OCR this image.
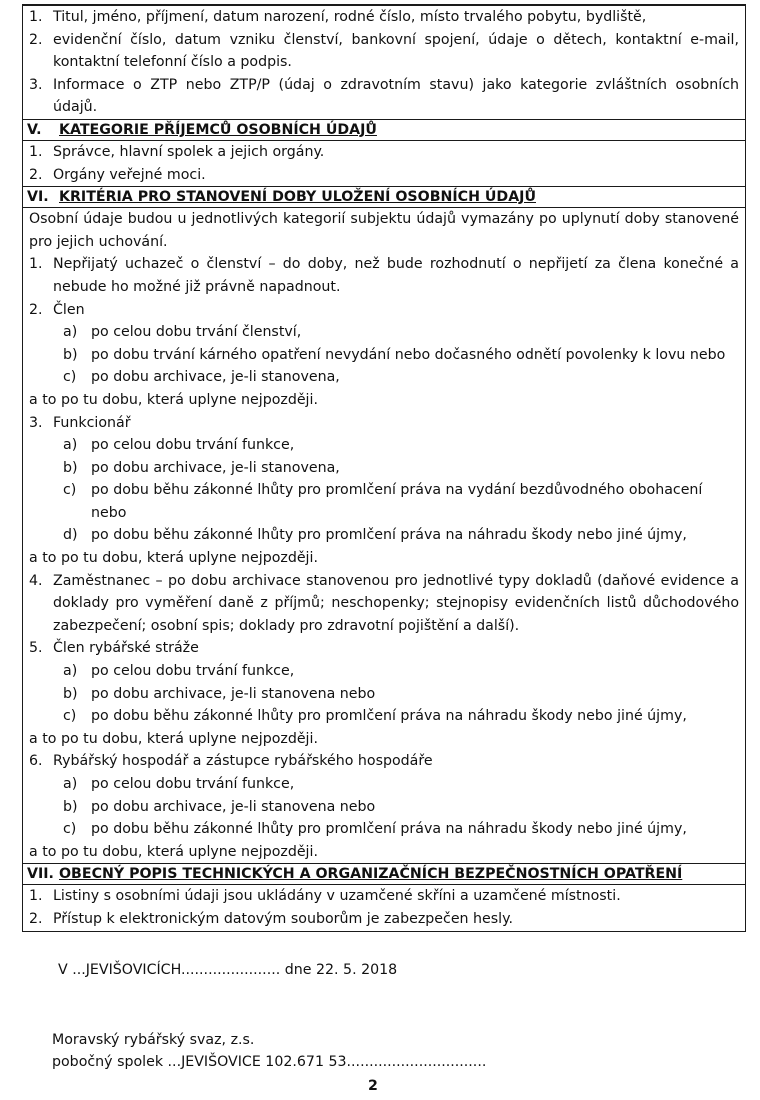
1. Titul, jméno, příjmení, datum narození, rodné číslo, místo trvalého pobytu, bydliště,
2. evidenční číslo, datum vzniku členství, bankovní spojení, údaje o dětech, kontaktní e-mail, kontaktní telefonní číslo a podpis.
3. Informace o ZTP nebo ZTP/P (údaj o zdravotním stavu) jako kategorie zvláštních osobních údajů.
V.	KATEGORIE PŘÍJEMCŮ OSOBNÍCH ÚDAJŮ
1. Správce, hlavní spolek a jejich orgány.
2. Orgány veřejné moci.
VI. KRITÉRIA PRO STANOVENÍ DOBY ULOŽENÍ OSOBNÍCH ÚDAJŮ
Osobní údaje budou u jednotlivých kategorií subjektu údajů vymazány po uplynutí doby stanovené pro jejich uchování.
1. Nepřijatý uchazeč o členství – do doby, než bude rozhodnutí o nepřijetí za člena konečné a nebude ho možné již právně napadnout.
2. Člen
a) po celou dobu trvání členství,
b) po dobu trvání kárného opatření nevydání nebo dočasného odnětí povolenky k lovu nebo
c)	po dobu archivace, je-li stanovena,
a to po tu dobu, která uplyne nejpozději.
3. Funkcionář
a) po celou dobu trvání funkce,
b) po dobu archivace, je-li stanovena,
c)	po dobu běhu zákonné lhůty pro promlčení práva na vydání bezdůvodného obohacení nebo
d) po dobu běhu zákonné lhůty pro promlčení práva na náhradu škody nebo jiné újmy,
a to po tu dobu, která uplyne nejpozději.
4. Zaměstnanec – po dobu archivace stanovenou pro jednotlivé typy dokladů (daňové evidence a doklady pro vyměření daně z příjmů; neschopenky; stejnopisy evidenčních listů důchodového zabezpečení; osobní spis; doklady pro zdravotní pojištění a další).
5. Člen rybářské stráže
a) po celou dobu trvání funkce,
b) po dobu archivace, je-li stanovena nebo
c)	po dobu běhu zákonné lhůty pro promlčení práva na náhradu škody nebo jiné újmy,
a to po tu dobu, která uplyne nejpozději.
6. Rybářský hospodář a zástupce rybářského hospodáře
a) po celou dobu trvání funkce,
b) po dobu archivace, je-li stanovena nebo
c)	po dobu běhu zákonné lhůty pro promlčení práva na náhradu škody nebo jiné újmy,
a to po tu dobu, která uplyne nejpozději.
VII. OBECNÝ POPIS TECHNICKÝCH A ORGANIZAČNÍCH BEZPEČNOSTNÍCH OPATŘENÍ
1. Listiny s osobními údaji jsou ukládány v uzamčené skříni a uzamčené místnosti.
2. Přístup k elektronickým datovým souborům je zabezpečen hesly.
V ...JEVIŠOVICÍCH...................... dne 22. 5. 2018
Moravský rybářský svaz, z.s.
pobočný spolek ...JEVIŠOVICE 102.671 53...............................
2
